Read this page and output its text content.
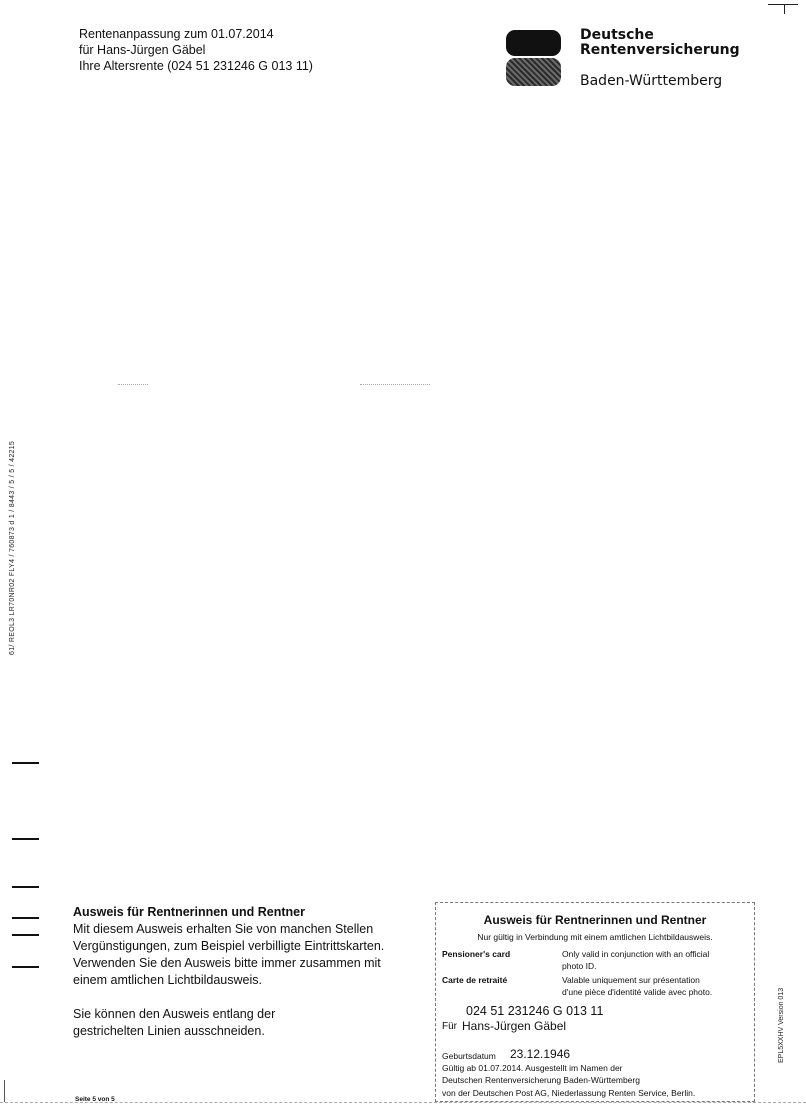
Rentenanpassung zum 01.07.2014
für Hans-Jürgen Gäbel
Ihre Altersrente (024 51 231246 G 013 11)
Deutsche
Rentenversicherung
Baden-Württemberg
61/ REOL3 LR70NR02 FLY4 / 760873 d 1 / 8443 / 5 / 5 / 42215
Ausweis für Rentnerinnen und Rentner
Mit diesem Ausweis erhalten Sie von manchen Stellen
Vergünstigungen, zum Beispiel verbilligte Eintrittskarten.
Verwenden Sie den Ausweis bitte immer zusammen mit
einem amtlichen Lichtbildausweis.
Sie können den Ausweis entlang der
gestrichelten Linien ausschneiden.
Ausweis für Rentnerinnen und Rentner
Nur gültig in Verbindung mit einem amtlichen Lichtbildausweis.
Pensioner's card	Only valid in conjunction with an official
photo ID.
Carte de retraité	Valable uniquement sur présentation
d'une pièce d'identité valide avec photo.
024 51 231246 G 013 11
Für Hans-Jürgen Gäbel
Geburtsdatum 23.12.1946
Gültig ab 01.07.2014. Ausgestellt im Namen der
Deutschen Rentenversicherung Baden-Württemberg
von der Deutschen Post AG, Niederlassung Renten Service, Berlin.
EPL5XXHV Version 013
Seite 5 von 5
